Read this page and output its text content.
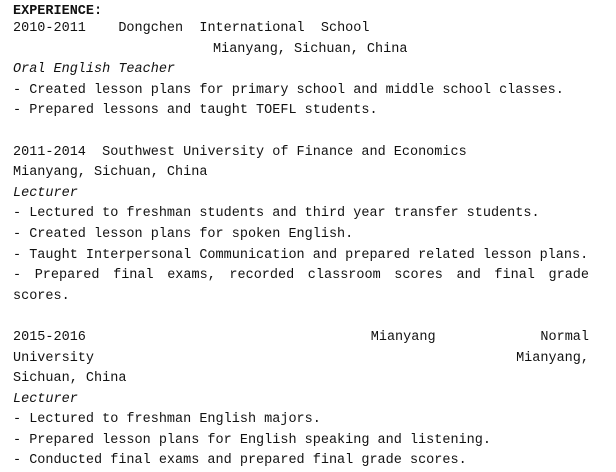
EXPERIENCE:
2010-2011 Dongchen  International  School
Mianyang, Sichuan, China
Oral English Teacher
- Created lesson plans for primary school and middle school classes.
- Prepared lessons and taught TOEFL students.
2011-2014 Southwest University of Finance and Economics
Mianyang, Sichuan, China
Lecturer
- Lectured to freshman students and third year transfer students.
- Created lesson plans for spoken English.
- Taught Interpersonal Communication and prepared related lesson plans.
- Prepared final exams, recorded classroom scores and final grade scores.
2015-2016	Mianyang	Normal
University	Mianyang,
Sichuan, China
Lecturer
- Lectured to freshman English majors.
- Prepared lesson plans for English speaking and listening.
- Conducted final exams and prepared final grade scores.
